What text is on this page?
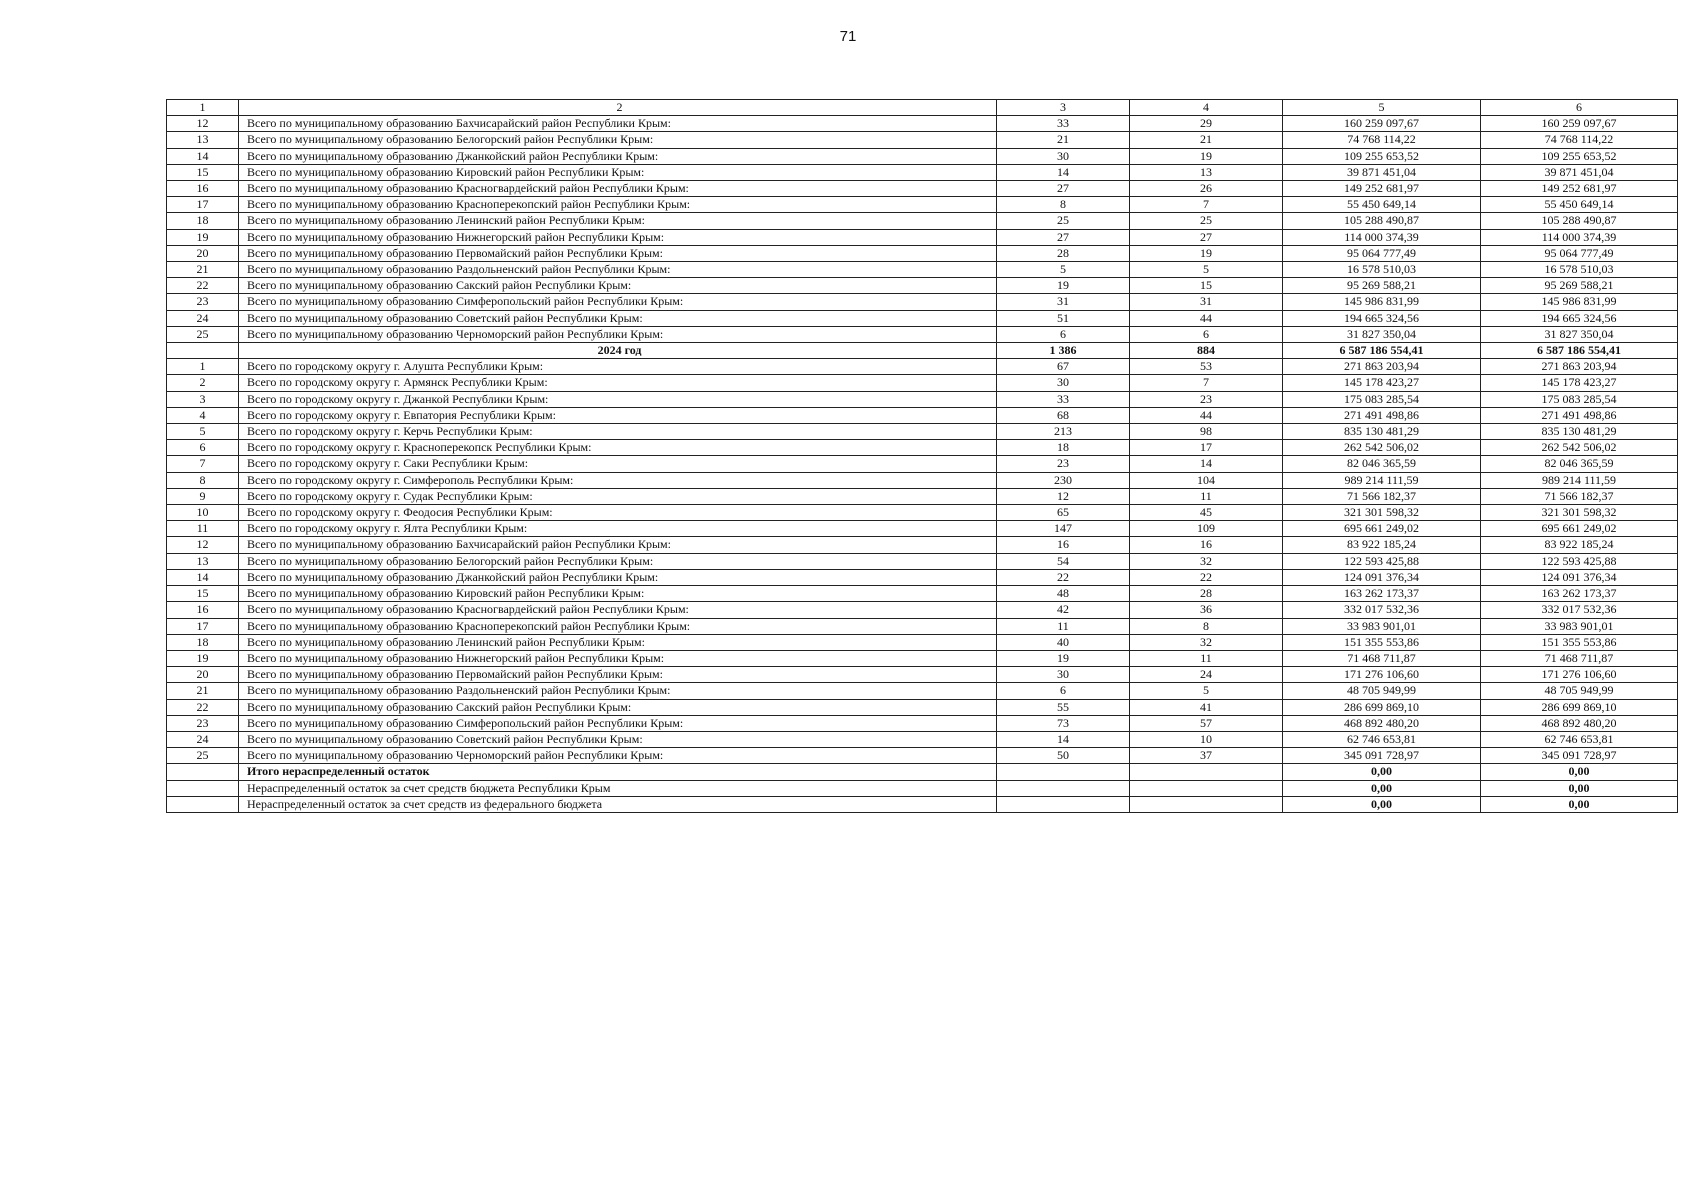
71
1	2	3	4	5	6
12	Всего по муниципальному образованию Бахчисарайский район Республики Крым:	33	29	160 259 097,67	160 259 097,67
13	Всего по муниципальному образованию Белогорский район Республики Крым:	21	21	74 768 114,22	74 768 114,22
14	Всего по муниципальному образованию Джанкойский район Республики Крым:	30	19	109 255 653,52	109 255 653,52
15	Всего по муниципальному образованию Кировский район Республики Крым:	14	13	39 871 451,04	39 871 451,04
16	Всего по муниципальному образованию Красногвардейский район Республики Крым:	27	26	149 252 681,97	149 252 681,97
17	Всего по муниципальному образованию Красноперекопский район Республики Крым:	8	7	55 450 649,14	55 450 649,14
18	Всего по муниципальному образованию Ленинский район Республики Крым:	25	25	105 288 490,87	105 288 490,87
19	Всего по муниципальному образованию Нижнегорский район Республики Крым:	27	27	114 000 374,39	114 000 374,39
20	Всего по муниципальному образованию Первомайский район Республики Крым:	28	19	95 064 777,49	95 064 777,49
21	Всего по муниципальному образованию Раздольненский район Республики Крым:	5	5	16 578 510,03	16 578 510,03
22	Всего по муниципальному образованию Сакский район Республики Крым:	19	15	95 269 588,21	95 269 588,21
23	Всего по муниципальному образованию Симферопольский район Республики Крым:	31	31	145 986 831,99	145 986 831,99
24	Всего по муниципальному образованию Советский район Республики Крым:	51	44	194 665 324,56	194 665 324,56
25	Всего по муниципальному образованию Черноморский район Республики Крым:	6	6	31 827 350,04	31 827 350,04
	2024 год	1 386	884	6 587 186 554,41	6 587 186 554,41
1	Всего по городскому округу г. Алушта Республики Крым:	67	53	271 863 203,94	271 863 203,94
2	Всего по городскому округу г. Армянск Республики Крым:	30	7	145 178 423,27	145 178 423,27
3	Всего по городскому округу г. Джанкой Республики Крым:	33	23	175 083 285,54	175 083 285,54
4	Всего по городскому округу г. Евпатория Республики Крым:	68	44	271 491 498,86	271 491 498,86
5	Всего по городскому округу г. Керчь Республики Крым:	213	98	835 130 481,29	835 130 481,29
6	Всего по городскому округу г. Красноперекопск Республики Крым:	18	17	262 542 506,02	262 542 506,02
7	Всего по городскому округу г. Саки Республики Крым:	23	14	82 046 365,59	82 046 365,59
8	Всего по городскому округу г. Симферополь Республики Крым:	230	104	989 214 111,59	989 214 111,59
9	Всего по городскому округу г. Судак Республики Крым:	12	11	71 566 182,37	71 566 182,37
10	Всего по городскому округу г. Феодосия Республики Крым:	65	45	321 301 598,32	321 301 598,32
11	Всего по городскому округу г. Ялта Республики Крым:	147	109	695 661 249,02	695 661 249,02
12	Всего по муниципальному образованию Бахчисарайский район Республики Крым:	16	16	83 922 185,24	83 922 185,24
13	Всего по муниципальному образованию Белогорский район Республики Крым:	54	32	122 593 425,88	122 593 425,88
14	Всего по муниципальному образованию Джанкойский район Республики Крым:	22	22	124 091 376,34	124 091 376,34
15	Всего по муниципальному образованию Кировский район Республики Крым:	48	28	163 262 173,37	163 262 173,37
16	Всего по муниципальному образованию Красногвардейский район Республики Крым:	42	36	332 017 532,36	332 017 532,36
17	Всего по муниципальному образованию Красноперекопский район Республики Крым:	11	8	33 983 901,01	33 983 901,01
18	Всего по муниципальному образованию Ленинский район Республики Крым:	40	32	151 355 553,86	151 355 553,86
19	Всего по муниципальному образованию Нижнегорский район Республики Крым:	19	11	71 468 711,87	71 468 711,87
20	Всего по муниципальному образованию Первомайский район Республики Крым:	30	24	171 276 106,60	171 276 106,60
21	Всего по муниципальному образованию Раздольненский район Республики Крым:	6	5	48 705 949,99	48 705 949,99
22	Всего по муниципальному образованию Сакский район Республики Крым:	55	41	286 699 869,10	286 699 869,10
23	Всего по муниципальному образованию Симферопольский район Республики Крым:	73	57	468 892 480,20	468 892 480,20
24	Всего по муниципальному образованию Советский район Республики Крым:	14	10	62 746 653,81	62 746 653,81
25	Всего по муниципальному образованию Черноморский район Республики Крым:	50	37	345 091 728,97	345 091 728,97
	Итого нераспределенный остаток			0,00	0,00
	Нераспределенный остаток за счет средств бюджета Республики Крым			0,00	0,00
	Нераспределенный остаток за счет средств из федерального бюджета			0,00	0,00
